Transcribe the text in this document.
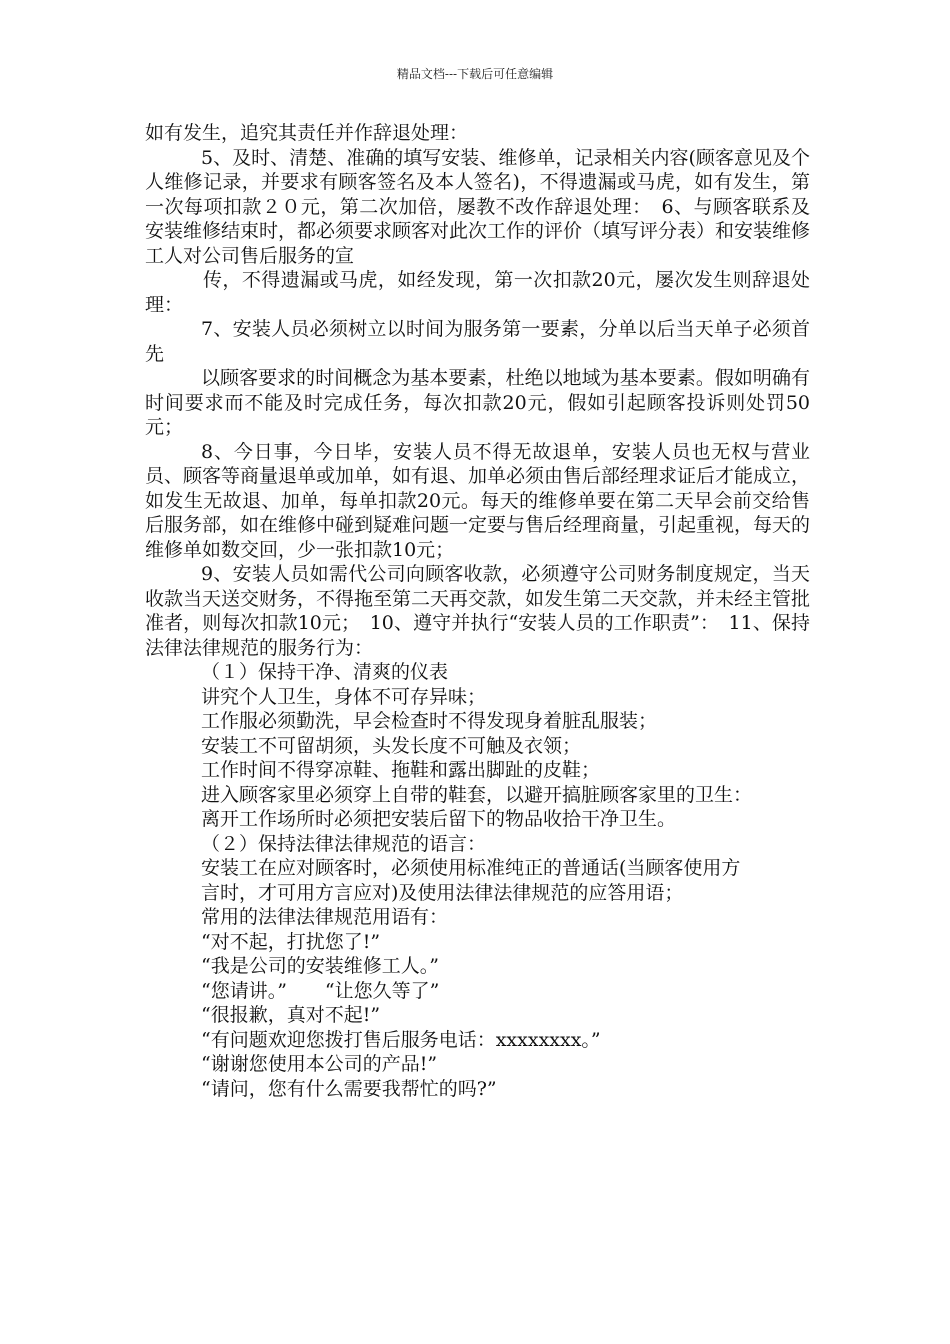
精品文档---下载后可任意编辑

如有发生，追究其责任并作辞退处理：

5、及时、清楚、准确的填写安装、维修单，记录相关内容(顾客意见及个人维修记录，并要求有顾客签名及本人签名)，不得遗漏或马虎，如有发生，第一次每项扣款２０元，第二次加倍，屡教不改作辞退处理：　6、与顾客联系及安装维修结束时，都必须要求顾客对此次工作的评价（填写评分表）和安装维修工人对公司售后服务的宣

传，不得遗漏或马虎，如经发现，第一次扣款20元，屡次发生则辞退处理：

7、安装人员必须树立以时间为服务第一要素，分单以后当天单子必须首先

以顾客要求的时间概念为基本要素，杜绝以地域为基本要素。假如明确有时间要求而不能及时完成任务，每次扣款20元，假如引起顾客投诉则处罚50元；

8、今日事，今日毕，安装人员不得无故退单，安装人员也无权与营业员、顾客等商量退单或加单，如有退、加单必须由售后部经理求证后才能成立，如发生无故退、加单，每单扣款20元。每天的维修单要在第二天早会前交给售后服务部，如在维修中碰到疑难问题一定要与售后经理商量，引起重视，每天的维修单如数交回，少一张扣款10元；

9、安装人员如需代公司向顾客收款，必须遵守公司财务制度规定，当天收款当天送交财务，不得拖至第二天再交款，如发生第二天交款，并未经主管批准者，则每次扣款10元；　10、遵守并执行“安装人员的工作职责”：　11、保持法律法律规范的服务行为：

（１）保持干净、清爽的仪表

讲究个人卫生，身体不可存异味；

工作服必须勤洗，早会检查时不得发现身着脏乱服装；

安装工不可留胡须，头发长度不可触及衣领；

工作时间不得穿凉鞋、拖鞋和露出脚趾的皮鞋；

进入顾客家里必须穿上自带的鞋套，以避开搞脏顾客家里的卫生：

离开工作场所时必须把安装后留下的物品收拾干净卫生。

（２）保持法律法律规范的语言：

安装工在应对顾客时，必须使用标准纯正的普通话(当顾客使用方

言时，才可用方言应对)及使用法律法律规范的应答用语；

常用的法律法律规范用语有：

“对不起，打扰您了!”

“我是公司的安装维修工人。”

“您请讲。”　　“让您久等了”

“很报歉，真对不起!”

“有问题欢迎您拨打售后服务电话：xxxxxxxx。”

“谢谢您使用本公司的产品!”

“请问，您有什么需要我帮忙的吗?”
